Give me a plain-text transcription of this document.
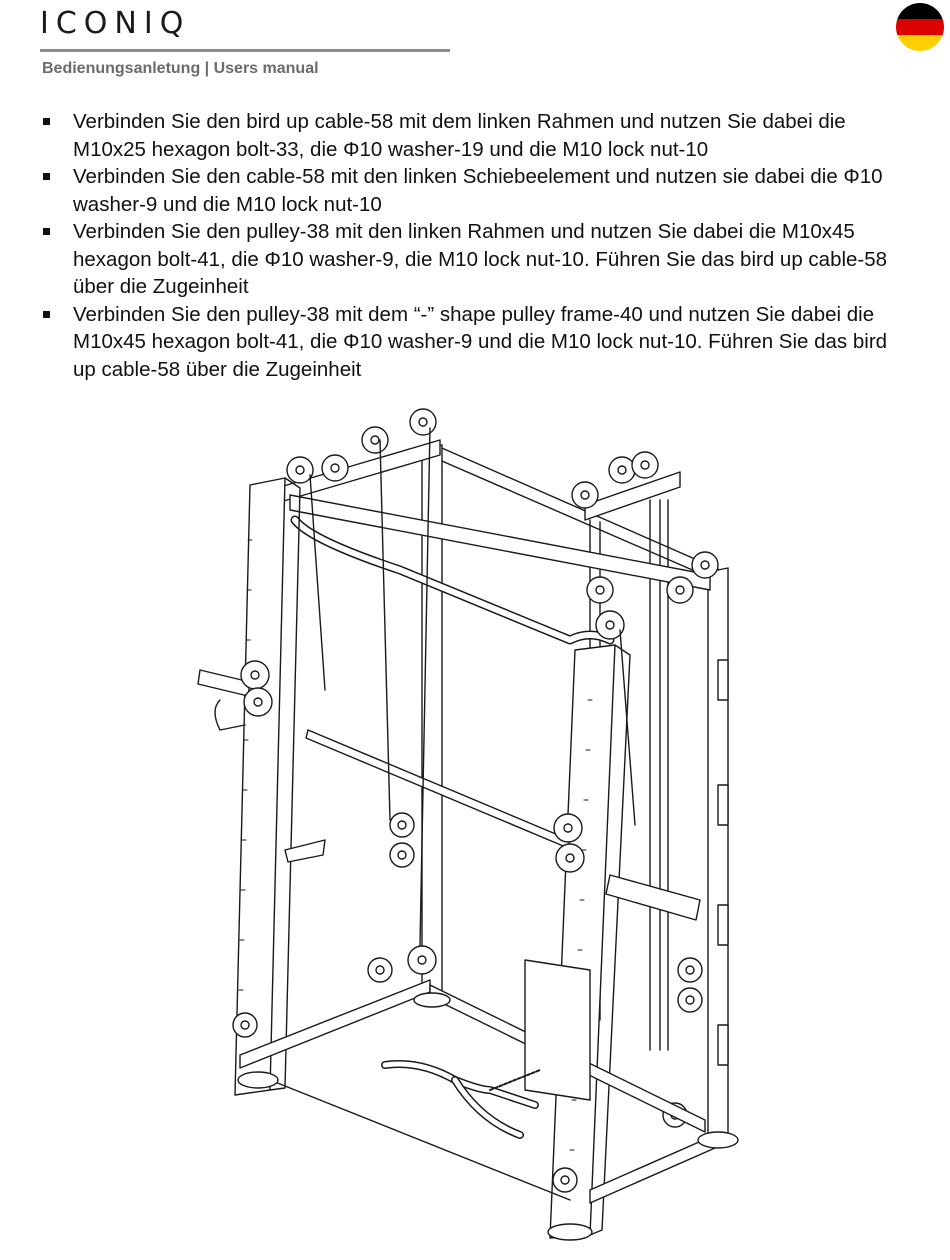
ICONIQ
Bedienungsanletung | Users manual
Verbinden Sie den bird up cable-58 mit dem linken Rahmen und nutzen Sie dabei die M10x25 hexagon bolt-33, die Φ10 washer-19 und die M10 lock nut-10
Verbinden Sie den cable-58 mit den linken Schiebeelement und nutzen sie dabei die Φ10 washer-9 und die M10 lock nut-10
Verbinden Sie den pulley-38 mit den linken Rahmen und nutzen Sie dabei die M10x45 hexagon bolt-41, die Φ10 washer-9, die M10 lock nut-10. Führen Sie das bird up cable-58 über die Zugeinheit
Verbinden Sie den pulley-38 mit dem “-” shape pulley frame-40 und nutzen Sie dabei die M10x45 hexagon bolt-41, die Φ10 washer-9 und die M10 lock nut-10. Führen Sie das bird up cable-58 über die Zugeinheit
